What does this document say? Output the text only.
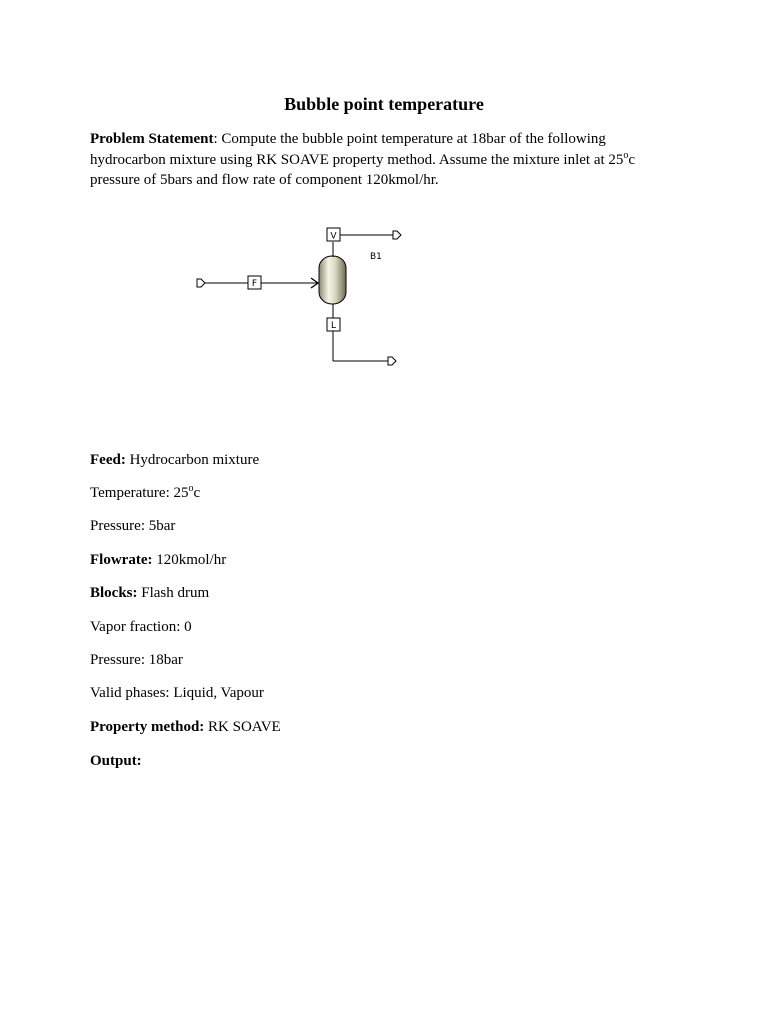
Bubble point temperature
Problem Statement: Compute the bubble point temperature at 18bar of the following hydrocarbon mixture using RK SOAVE property method. Assume the mixture inlet at 25$^o$c pressure of 5bars and flow rate of component 120kmol/hr.
V
B1
F
L
Feed: Hydrocarbon mixture
Temperature: 25$^o$c
Pressure: 5bar
Flowrate: 120kmol/hr
Blocks: Flash drum
Vapor fraction: 0
Pressure: 18bar
Valid phases: Liquid, Vapour
Property method: RK SOAVE
Output:
